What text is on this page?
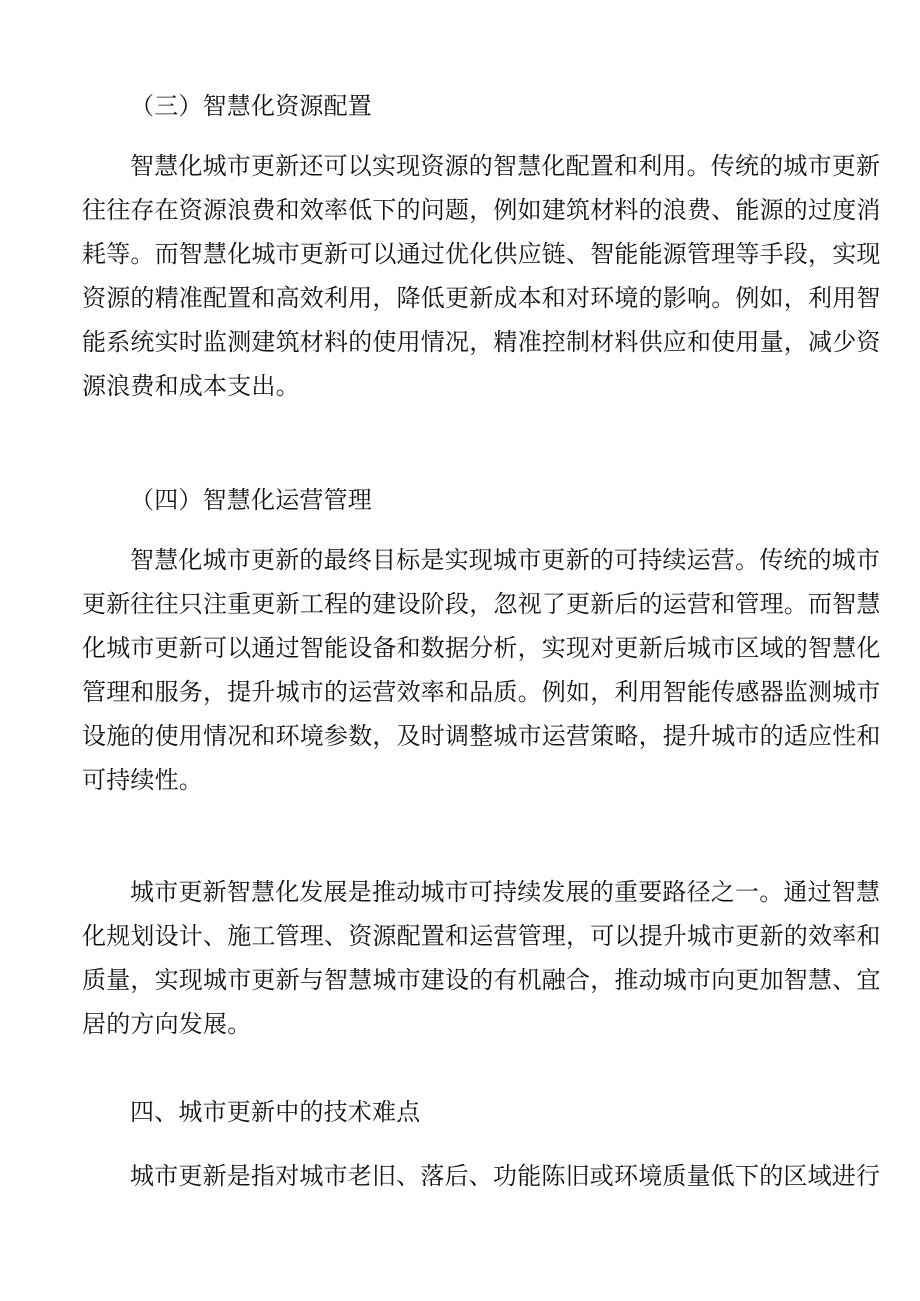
（三）智慧化资源配置
智慧化城市更新还可以实现资源的智慧化配置和利用。传统的城市更新
往往存在资源浪费和效率低下的问题，例如建筑材料的浪费、能源的过度消
耗等。而智慧化城市更新可以通过优化供应链、智能能源管理等手段，实现
资源的精准配置和高效利用，降低更新成本和对环境的影响。例如，利用智
能系统实时监测建筑材料的使用情况，精准控制材料供应和使用量，减少资
源浪费和成本支出。
（四）智慧化运营管理
智慧化城市更新的最终目标是实现城市更新的可持续运营。传统的城市
更新往往只注重更新工程的建设阶段，忽视了更新后的运营和管理。而智慧
化城市更新可以通过智能设备和数据分析，实现对更新后城市区域的智慧化
管理和服务，提升城市的运营效率和品质。例如，利用智能传感器监测城市
设施的使用情况和环境参数，及时调整城市运营策略，提升城市的适应性和
可持续性。
城市更新智慧化发展是推动城市可持续发展的重要路径之一。通过智慧
化规划设计、施工管理、资源配置和运营管理，可以提升城市更新的效率和
质量，实现城市更新与智慧城市建设的有机融合，推动城市向更加智慧、宜
居的方向发展。
四、城市更新中的技术难点
城市更新是指对城市老旧、落后、功能陈旧或环境质量低下的区域进行
